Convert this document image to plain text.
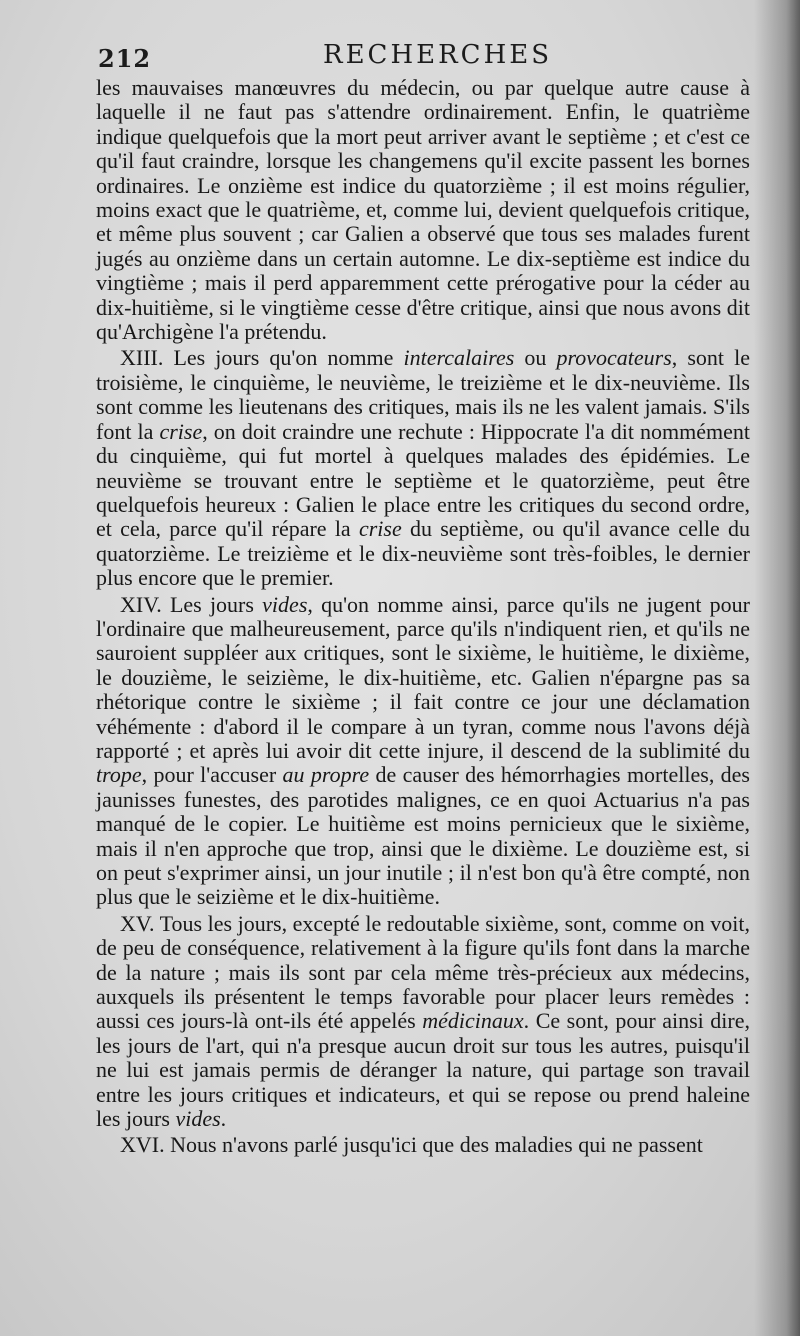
212	RECHERCHES

les mauvaises manœuvres du médecin, ou par quelque autre cause à laquelle il ne faut pas s'attendre ordinairement. Enfin, le quatrième indique quelquefois que la mort peut arriver avant le septième ; et c'est ce qu'il faut craindre, lorsque les changemens qu'il excite passent les bornes ordinaires. Le onzième est indice du quatorzième ; il est moins régulier, moins exact que le quatrième, et, comme lui, devient quelquefois critique, et même plus souvent ; car Galien a observé que tous ses malades furent jugés au onzième dans un certain automne. Le dix-septième est indice du vingtième ; mais il perd apparemment cette prérogative pour la céder au dix-huitième, si le vingtième cesse d'être critique, ainsi que nous avons dit qu'Archigène l'a prétendu.

XIII. Les jours qu'on nomme intercalaires ou provocateurs, sont le troisième, le cinquième, le neuvième, le treizième et le dix-neuvième. Ils sont comme les lieutenans des critiques, mais ils ne les valent jamais. S'ils font la crise, on doit craindre une rechute : Hippocrate l'a dit nommément du cinquième, qui fut mortel à quelques malades des épidémies. Le neuvième se trouvant entre le septième et le quatorzième, peut être quelquefois heureux : Galien le place entre les critiques du second ordre, et cela, parce qu'il répare la crise du septième, ou qu'il avance celle du quatorzième. Le treizième et le dix-neuvième sont très-foibles, le dernier plus encore que le premier.

XIV. Les jours vides, qu'on nomme ainsi, parce qu'ils ne jugent pour l'ordinaire que malheureusement, parce qu'ils n'indiquent rien, et qu'ils ne sauroient suppléer aux critiques, sont le sixième, le huitième, le dixième, le douzième, le seizième, le dix-huitième, etc. Galien n'épargne pas sa rhétorique contre le sixième ; il fait contre ce jour une déclamation véhémente : d'abord il le compare à un tyran, comme nous l'avons déjà rapporté ; et après lui avoir dit cette injure, il descend de la sublimité du trope, pour l'accuser au propre de causer des hémorrhagies mortelles, des jaunisses funestes, des parotides malignes, ce en quoi Actuarius n'a pas manqué de le copier. Le huitième est moins pernicieux que le sixième, mais il n'en approche que trop, ainsi que le dixième. Le douzième est, si on peut s'exprimer ainsi, un jour inutile ; il n'est bon qu'à être compté, non plus que le seizième et le dix-huitième.

XV. Tous les jours, excepté le redoutable sixième, sont, comme on voit, de peu de conséquence, relativement à la figure qu'ils font dans la marche de la nature ; mais ils sont par cela même très-précieux aux médecins, auxquels ils présentent le temps favorable pour placer leurs remèdes : aussi ces jours-là ont-ils été appelés médicinaux. Ce sont, pour ainsi dire, les jours de l'art, qui n'a presque aucun droit sur tous les autres, puisqu'il ne lui est jamais permis de déranger la nature, qui partage son travail entre les jours critiques et indicateurs, et qui se repose ou prend haleine les jours vides.

XVI. Nous n'avons parlé jusqu'ici que des maladies qui ne passent
